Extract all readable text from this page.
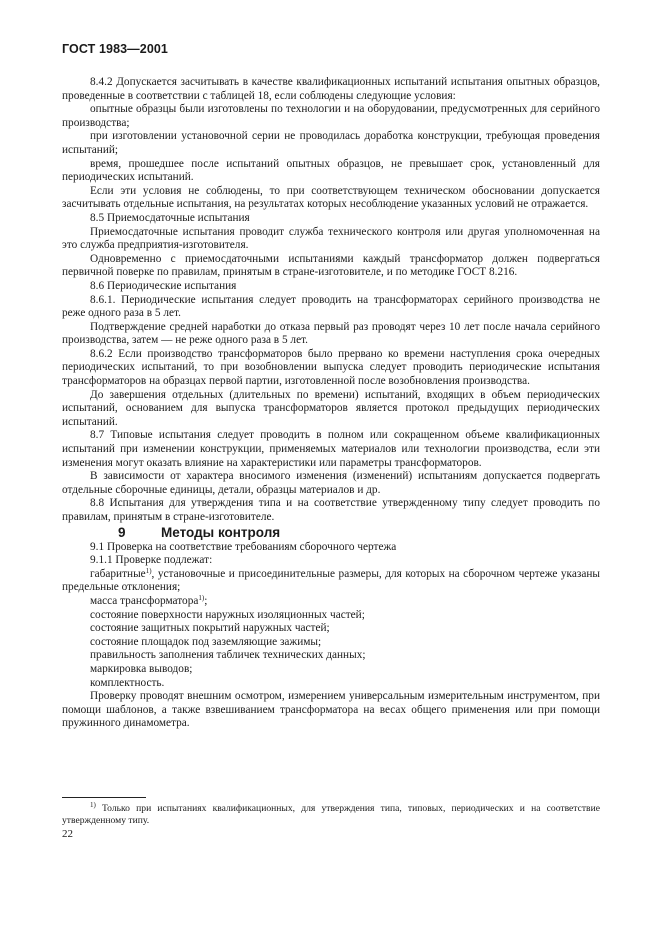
ГОСТ 1983—2001

8.4.2 Допускается засчитывать в качестве квалификационных испытаний испытания опытных образцов, проведенные в соответствии с таблицей 18, если соблюдены следующие условия:

опытные образцы были изготовлены по технологии и на оборудовании, предусмотренных для серийного производства;

при изготовлении установочной серии не проводилась доработка конструкции, требующая проведения испытаний;

время, прошедшее после испытаний опытных образцов, не превышает срок, установленный для периодических испытаний.

Если эти условия не соблюдены, то при соответствующем техническом обосновании допускается засчитывать отдельные испытания, на результатах которых несоблюдение указанных условий не отражается.

8.5 Приемосдаточные испытания

Приемосдаточные испытания проводит служба технического контроля или другая уполномоченная на это служба предприятия-изготовителя.

Одновременно с приемосдаточными испытаниями каждый трансформатор должен подвергаться первичной поверке по правилам, принятым в стране-изготовителе, и по методике ГОСТ 8.216.

8.6 Периодические испытания

8.6.1. Периодические испытания следует проводить на трансформаторах серийного производства не реже одного раза в 5 лет.

Подтверждение средней наработки до отказа первый раз проводят через 10 лет после начала серийного производства, затем — не реже одного раза в 5 лет.

8.6.2 Если производство трансформаторов было прервано ко времени наступления срока очередных периодических испытаний, то при возобновлении выпуска следует проводить периодические испытания трансформаторов на образцах первой партии, изготовленной после возобновления производства.

До завершения отдельных (длительных по времени) испытаний, входящих в объем периодических испытаний, основанием для выпуска трансформаторов является протокол предыдущих периодических испытаний.

8.7 Типовые испытания следует проводить в полном или сокращенном объеме квалификационных испытаний при изменении конструкции, применяемых материалов или технологии производства, если эти изменения могут оказать влияние на характеристики или параметры трансформаторов.

В зависимости от характера вносимого изменения (изменений) испытаниям допускается подвергать отдельные сборочные единицы, детали, образцы материалов и др.

8.8 Испытания для утверждения типа и на соответствие утвержденному типу следует проводить по правилам, принятым в стране-изготовителе.

9	Методы контроля

9.1 Проверка на соответствие требованиям сборочного чертежа

9.1.1 Проверке подлежат:

габаритные$^{1)}$, установочные и присоединительные размеры, для которых на сборочном чертеже указаны предельные отклонения;

масса трансформатора$^{1)}$;

состояние поверхности наружных изоляционных частей;

состояние защитных покрытий наружных частей;

состояние площадок под заземляющие зажимы;

правильность заполнения табличек технических данных;

маркировка выводов;

комплектность.

Проверку проводят внешним осмотром, измерением универсальным измерительным инструментом, при помощи шаблонов, а также взвешиванием трансформатора на весах общего применения или при помощи пружинного динамометра.

$^{1)}$ Только при испытаниях квалификационных, для утверждения типа, типовых, периодических и на соответствие утвержденному типу.
22
